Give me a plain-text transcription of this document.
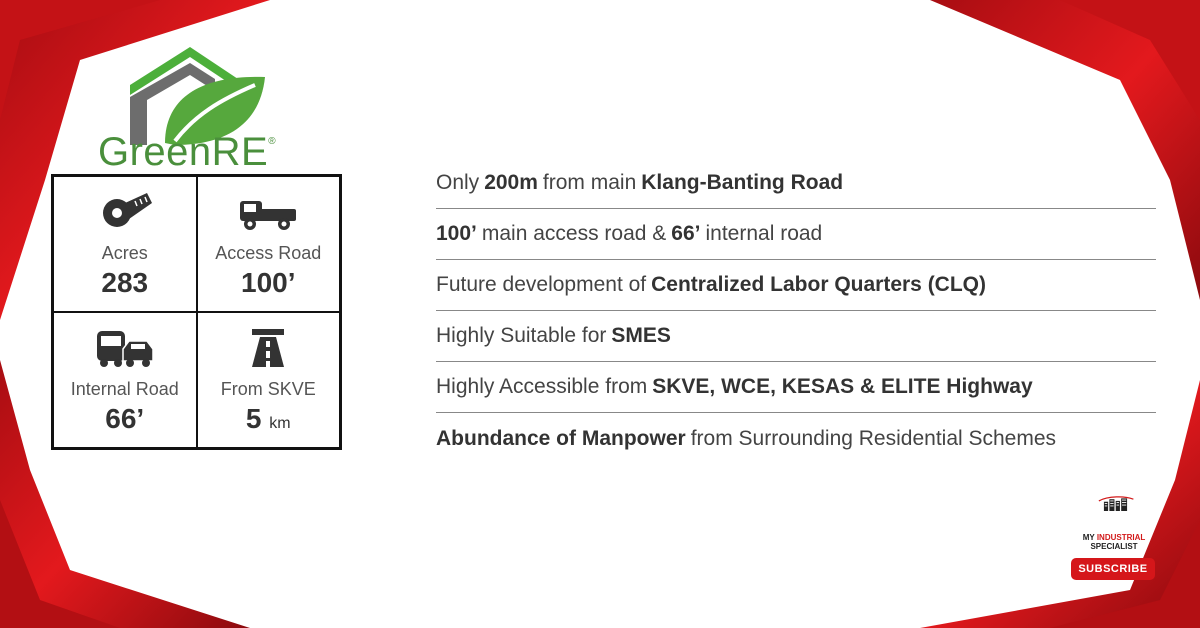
GreenRE®
Acres
283
Access Road
100’
Internal Road
66’
From SKVE
5 km
Only 200m from main Klang-Banting Road
100’ main access road & 66’ internal road
Future development of Centralized Labor Quarters (CLQ)
Highly Suitable for SMES
Highly Accessible from SKVE, WCE, KESAS & ELITE Highway
Abundance of Manpower from Surrounding Residential Schemes
MY INDUSTRIAL
SPECIALIST
SUBSCRIBE
